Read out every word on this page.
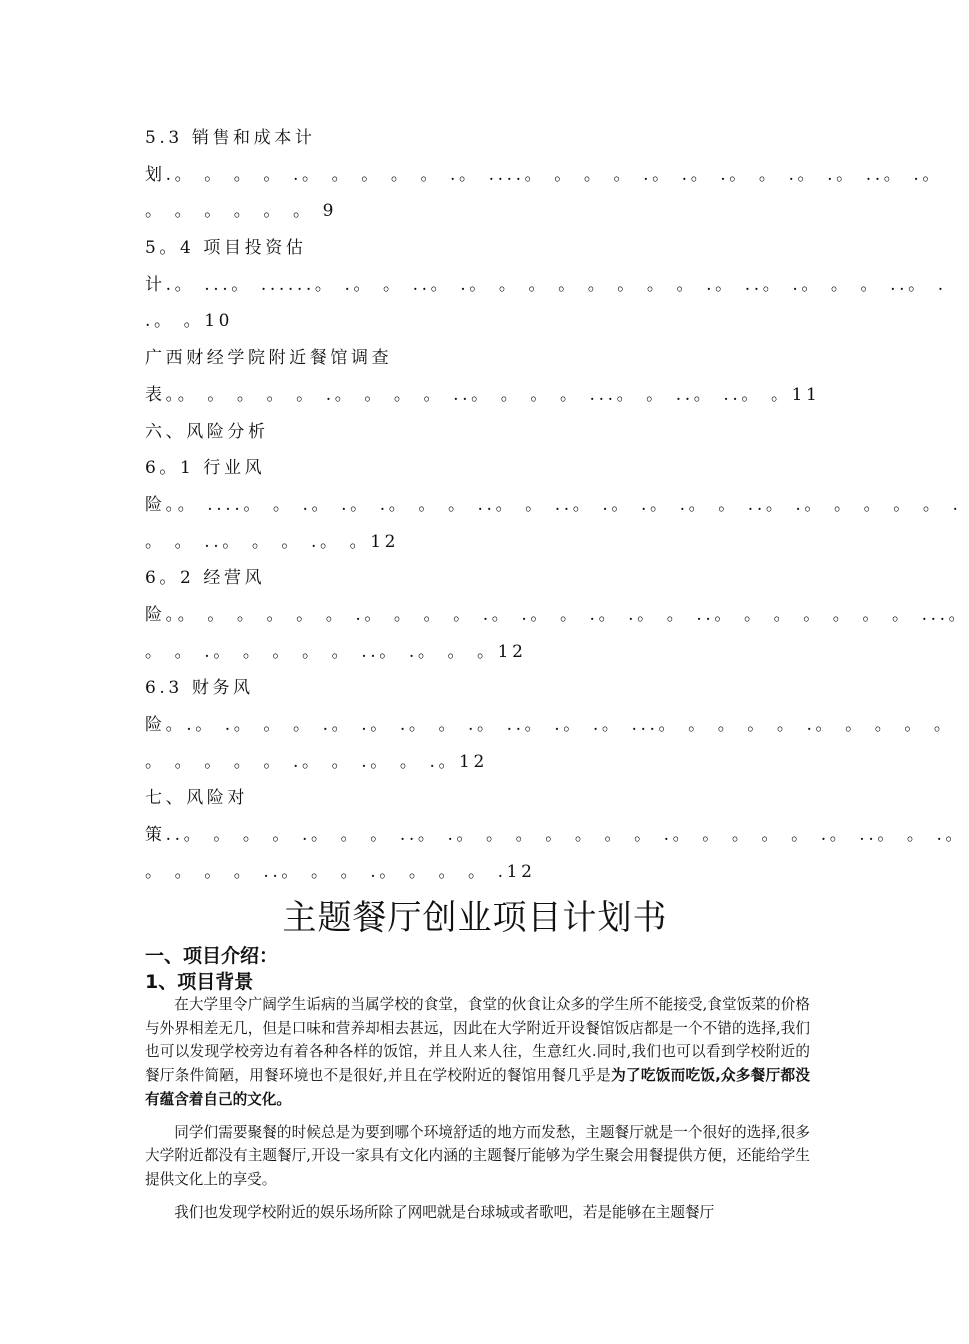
5.3 销售和成本计
划.。 。 。 。 .。 。 。 。 。 .。 ....。 。 。 。 .。 .。 .。 。 .。 .。 ..。 .。
。 。 。 。 。 。 9
5。4 项目投资估
计.。 ...。 ......。 .。 。 ..。 .。 。 。 。 。 。 。 。 .。 ..。 .。 。 。 ..。 .
.。 。10
广西财经学院附近餐馆调查
表。。 。 。 。 。 .。 。 。 。 ..。 。 。 。 ...。 。 ..。 ..。 。11
六、风险分析
6。1 行业风
险。。 ....。 。 .。 .。 .。 。 。 ..。 。 ..。 .。 .。 .。 。 ..。 .。 。 。 。 。 .
。 。 ..。 。 。 .。 。12
6。2 经营风
险。。 。 。 。 。 。 .。 。 。 。 .。 .。 。 .。 .。 。 ..。 。 。 。 。 。 。 ...。
。 。 .。 。 。 。 。 ..。 .。 。 。12
6.3 财务风
险。.。 .。 。 。 .。 .。 .。 。 .。 ..。 .。 .。 ...。 。 。 。 。 .。 。 。 。 。
。 。 。 。 。 .。 。 .。 。 .。12
七、风险对
策..。 。 。 。 .。 。 。 ..。 .。 。 。 。 。 。 。 .。 。 。 。 。 .。 ..。 。 .。
。 。 。 。 ..。 。 。 .。 。 。 。 .12
主题餐厅创业项目计划书
一、项目介绍：
1、项目背景

在大学里令广阔学生诟病的当属学校的食堂，食堂的伙食让众多的学生所不能接受,食堂饭菜的价格与外界相差无几，但是口味和营养却相去甚远，因此在大学附近开设餐馆饭店都是一个不错的选择,我们也可以发现学校旁边有着各种各样的饭馆，并且人来人往，生意红火.同时,我们也可以看到学校附近的餐厅条件简陋，用餐环境也不是很好,并且在学校附近的餐馆用餐几乎是为了吃饭而吃饭,众多餐厅都没有蕴含着自己的文化。

同学们需要聚餐的时候总是为要到哪个环境舒适的地方而发愁，主题餐厅就是一个很好的选择,很多大学附近都没有主题餐厅,开设一家具有文化内涵的主题餐厅能够为学生聚会用餐提供方便，还能给学生提供文化上的享受。

我们也发现学校附近的娱乐场所除了网吧就是台球城或者歌吧，若是能够在主题餐厅
